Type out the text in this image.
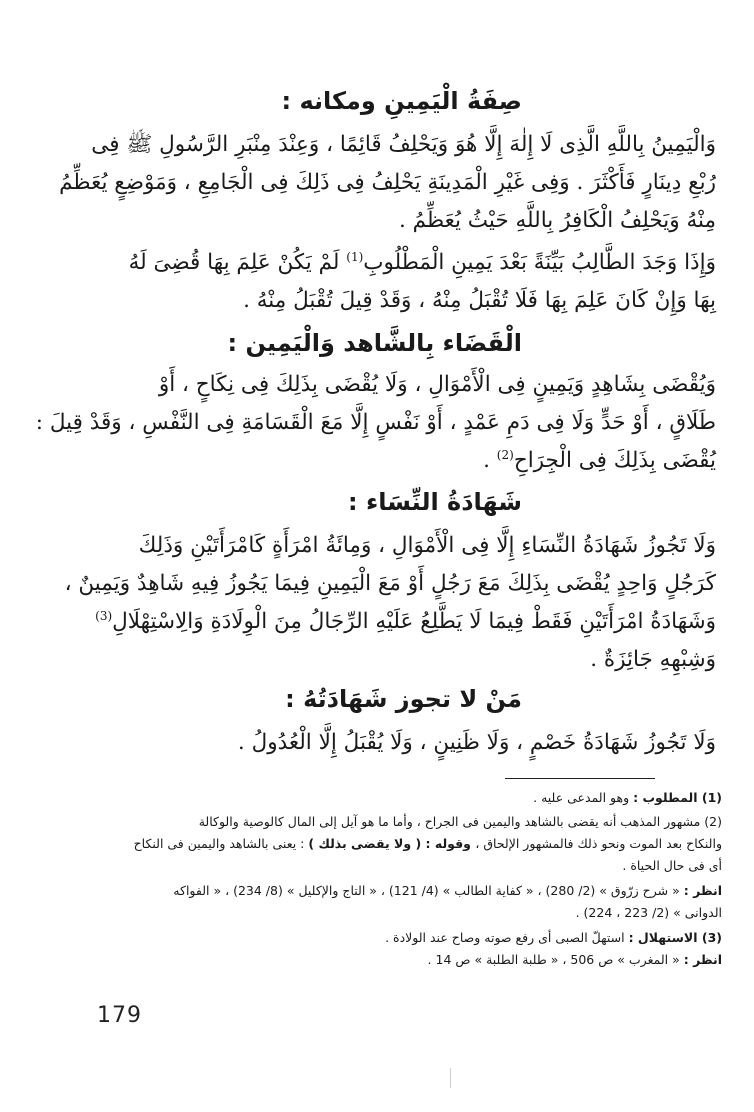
صِفَةُ الْيَمِينِ ومكانه :
وَالْيَمِينُ بِاللَّهِ الَّذِى لَا إِلٰهَ إِلَّا هُوَ وَيَحْلِفُ قَائِمًا ، وَعِنْدَ مِنْبَرِ الرَّسُولِ ﷺ فِى
رُبْعِ دِينَارٍ فَأَكْثَرَ . وَفِى غَيْرِ الْمَدِينَةِ يَحْلِفُ فِى ذَلِكَ فِى الْجَامِعِ ، وَمَوْضِعٍ يُعَظِّمُ
مِنْهُ وَيَحْلِفُ الْكَافِرُ بِاللَّهِ حَيْثُ يُعَظِّمُ .
وَإِذَا وَجَدَ الطَّالِبُ بَيِّنَةً بَعْدَ يَمِينِ الْمَطْلُوبِ$^{(1)}$ لَمْ يَكُنْ عَلِمَ بِهَا قُضِىَ لَهُ
بِهَا وَإِنْ كَانَ عَلِمَ بِهَا فَلَا تُقْبَلُ مِنْهُ ، وَقَدْ قِيلَ تُقْبَلُ مِنْهُ .
الْقَضَاء بِالشَّاهد وَالْيَمِين :
وَيُقْضَى بِشَاهِدٍ وَيَمِينٍ فِى الْأَمْوَالِ ، وَلَا يُقْضَى بِذَلِكَ فِى نِكَاحٍ ، أَوْ
طَلَاقٍ ، أَوْ حَدٍّ وَلَا فِى دَمِ عَمْدٍ ، أَوْ نَفْسٍ إِلَّا مَعَ الْقَسَامَةِ فِى النَّفْسِ ، وَقَدْ قِيلَ :
يُقْضَى بِذَلِكَ فِى الْجِرَاحِ$^{(2)}$ .
شَهَادَةُ النِّسَاء :
وَلَا تَجُوزُ شَهَادَةُ النِّسَاءِ إِلَّا فِى الْأَمْوَالِ ، وَمِائَةُ امْرَأَةٍ كَامْرَأَتَيْنِ وَذَلِكَ
كَرَجُلٍ وَاحِدٍ يُقْضَى بِذَلِكَ مَعَ رَجُلٍ أَوْ مَعَ الْيَمِينِ فِيمَا يَجُوزُ فِيهِ شَاهِدٌ وَيَمِينٌ ،
وَشَهَادَةُ امْرَأَتَيْنِ فَقَطْ فِيمَا لَا يَطَّلِعُ عَلَيْهِ الرِّجَالُ مِنَ الْوِلَادَةِ وَالِاسْتِهْلَالِ$^{(3)}$
وَشِبْهِهِ جَائِزَةٌ .
مَنْ لا تجوز شَهَادَتُهُ :
وَلَا تَجُوزُ شَهَادَةُ خَصْمٍ ، وَلَا ظَنِينٍ ، وَلَا يُقْبَلُ إِلَّا الْعُدُولُ .
(1) المطلوب : وهو المدعى عليه .
(2) مشهور المذهب أنه يقضى بالشاهد واليمين فى الجراح ، وأما ما هو آيل إلى المال كالوصية والوكالة
والنكاح بعد الموت ونحو ذلك فالمشهور الإلحاق ، وقوله : ( ولا يقضى بذلك ) : يعنى بالشاهد واليمين فى النكاح
أى فى حال الحياة .
انظر : « شرح زرّوق » (2/ 280) ، « كفاية الطالب » (4/ 121) ، « التاج والإكليل » (8/ 234) ، « الفواكه
الدوانى » (2/ 223 ، 224) .
(3) الاستهلال : استهلّ الصبى أى رفع صوته وصاح عند الولادة .
انظر : « المغرب » ص 506 ، « طلبة الطلبة » ص 14 .
179
